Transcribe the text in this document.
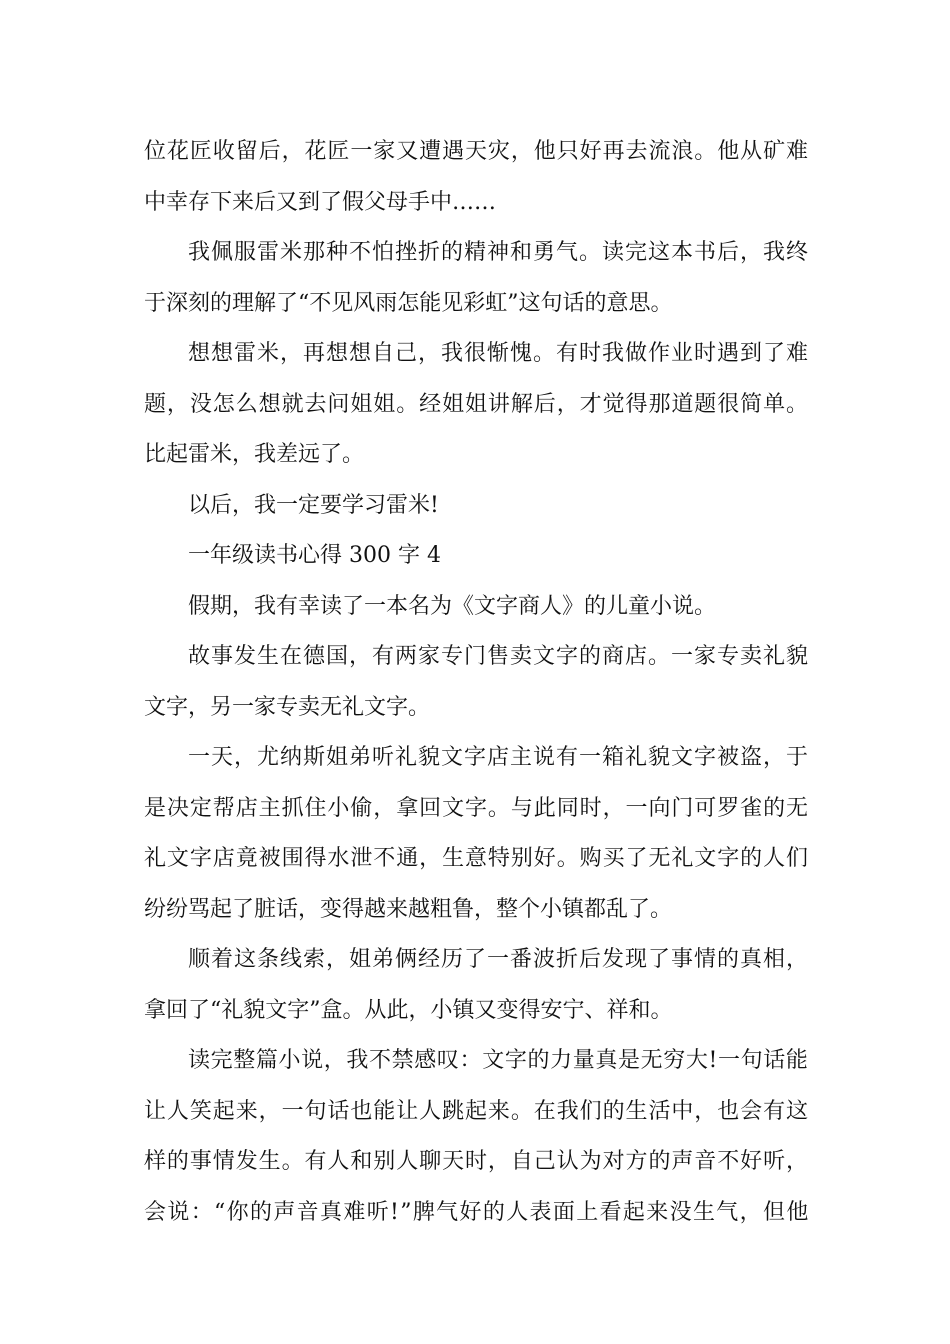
位花匠收留后，花匠一家又遭遇天灾，他只好再去流浪。他从矿难
中幸存下来后又到了假父母手中……
我佩服雷米那种不怕挫折的精神和勇气。读完这本书后，我终
于深刻的理解了“不见风雨怎能见彩虹”这句话的意思。
想想雷米，再想想自己，我很惭愧。有时我做作业时遇到了难
题，没怎么想就去问姐姐。经姐姐讲解后，才觉得那道题很简单。
比起雷米，我差远了。
以后，我一定要学习雷米!
一年级读书心得 300 字 4
假期，我有幸读了一本名为《文字商人》的儿童小说。
故事发生在德国，有两家专门售卖文字的商店。一家专卖礼貌
文字，另一家专卖无礼文字。
一天，尤纳斯姐弟听礼貌文字店主说有一箱礼貌文字被盗，于
是决定帮店主抓住小偷，拿回文字。与此同时，一向门可罗雀的无
礼文字店竟被围得水泄不通，生意特别好。购买了无礼文字的人们
纷纷骂起了脏话，变得越来越粗鲁，整个小镇都乱了。
顺着这条线索，姐弟俩经历了一番波折后发现了事情的真相，
拿回了“礼貌文字”盒。从此，小镇又变得安宁、祥和。
读完整篇小说，我不禁感叹：文字的力量真是无穷大!一句话能
让人笑起来，一句话也能让人跳起来。在我们的生活中，也会有这
样的事情发生。有人和别人聊天时，自己认为对方的声音不好听，
会说：“你的声音真难听!”脾气好的人表面上看起来没生气，但他
